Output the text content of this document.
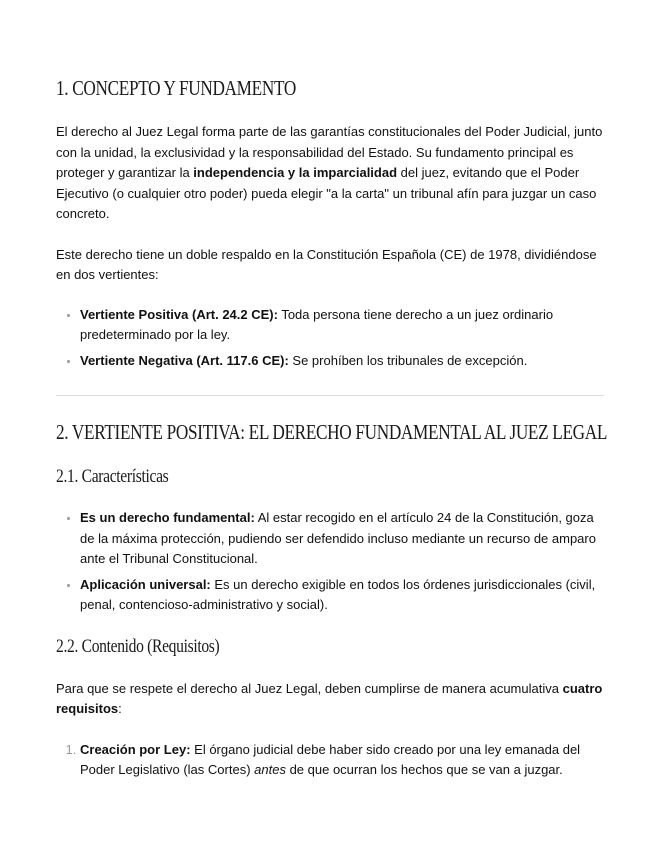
1. CONCEPTO Y FUNDAMENTO

El derecho al Juez Legal forma parte de las garantías constitucionales del Poder Judicial, junto con la unidad, la exclusividad y la responsabilidad del Estado. Su fundamento principal es proteger y garantizar la independencia y la imparcialidad del juez, evitando que el Poder Ejecutivo (o cualquier otro poder) pueda elegir "a la carta" un tribunal afín para juzgar un caso concreto.

Este derecho tiene un doble respaldo en la Constitución Española (CE) de 1978, dividiéndose en dos vertientes:

• Vertiente Positiva (Art. 24.2 CE): Toda persona tiene derecho a un juez ordinario predeterminado por la ley.
• Vertiente Negativa (Art. 117.6 CE): Se prohíben los tribunales de excepción.
2. VERTIENTE POSITIVA: EL DERECHO FUNDAMENTAL AL JUEZ LEGAL
2.1. Características
• Es un derecho fundamental: Al estar recogido en el artículo 24 de la Constitución, goza de la máxima protección, pudiendo ser defendido incluso mediante un recurso de amparo ante el Tribunal Constitucional.
• Aplicación universal: Es un derecho exigible en todos los órdenes jurisdiccionales (civil, penal, contencioso-administrativo y social).
2.2. Contenido (Requisitos)

Para que se respete el derecho al Juez Legal, deben cumplirse de manera acumulativa cuatro requisitos:

1. Creación por Ley: El órgano judicial debe haber sido creado por una ley emanada del Poder Legislativo (las Cortes) antes de que ocurran los hechos que se van a juzgar.
